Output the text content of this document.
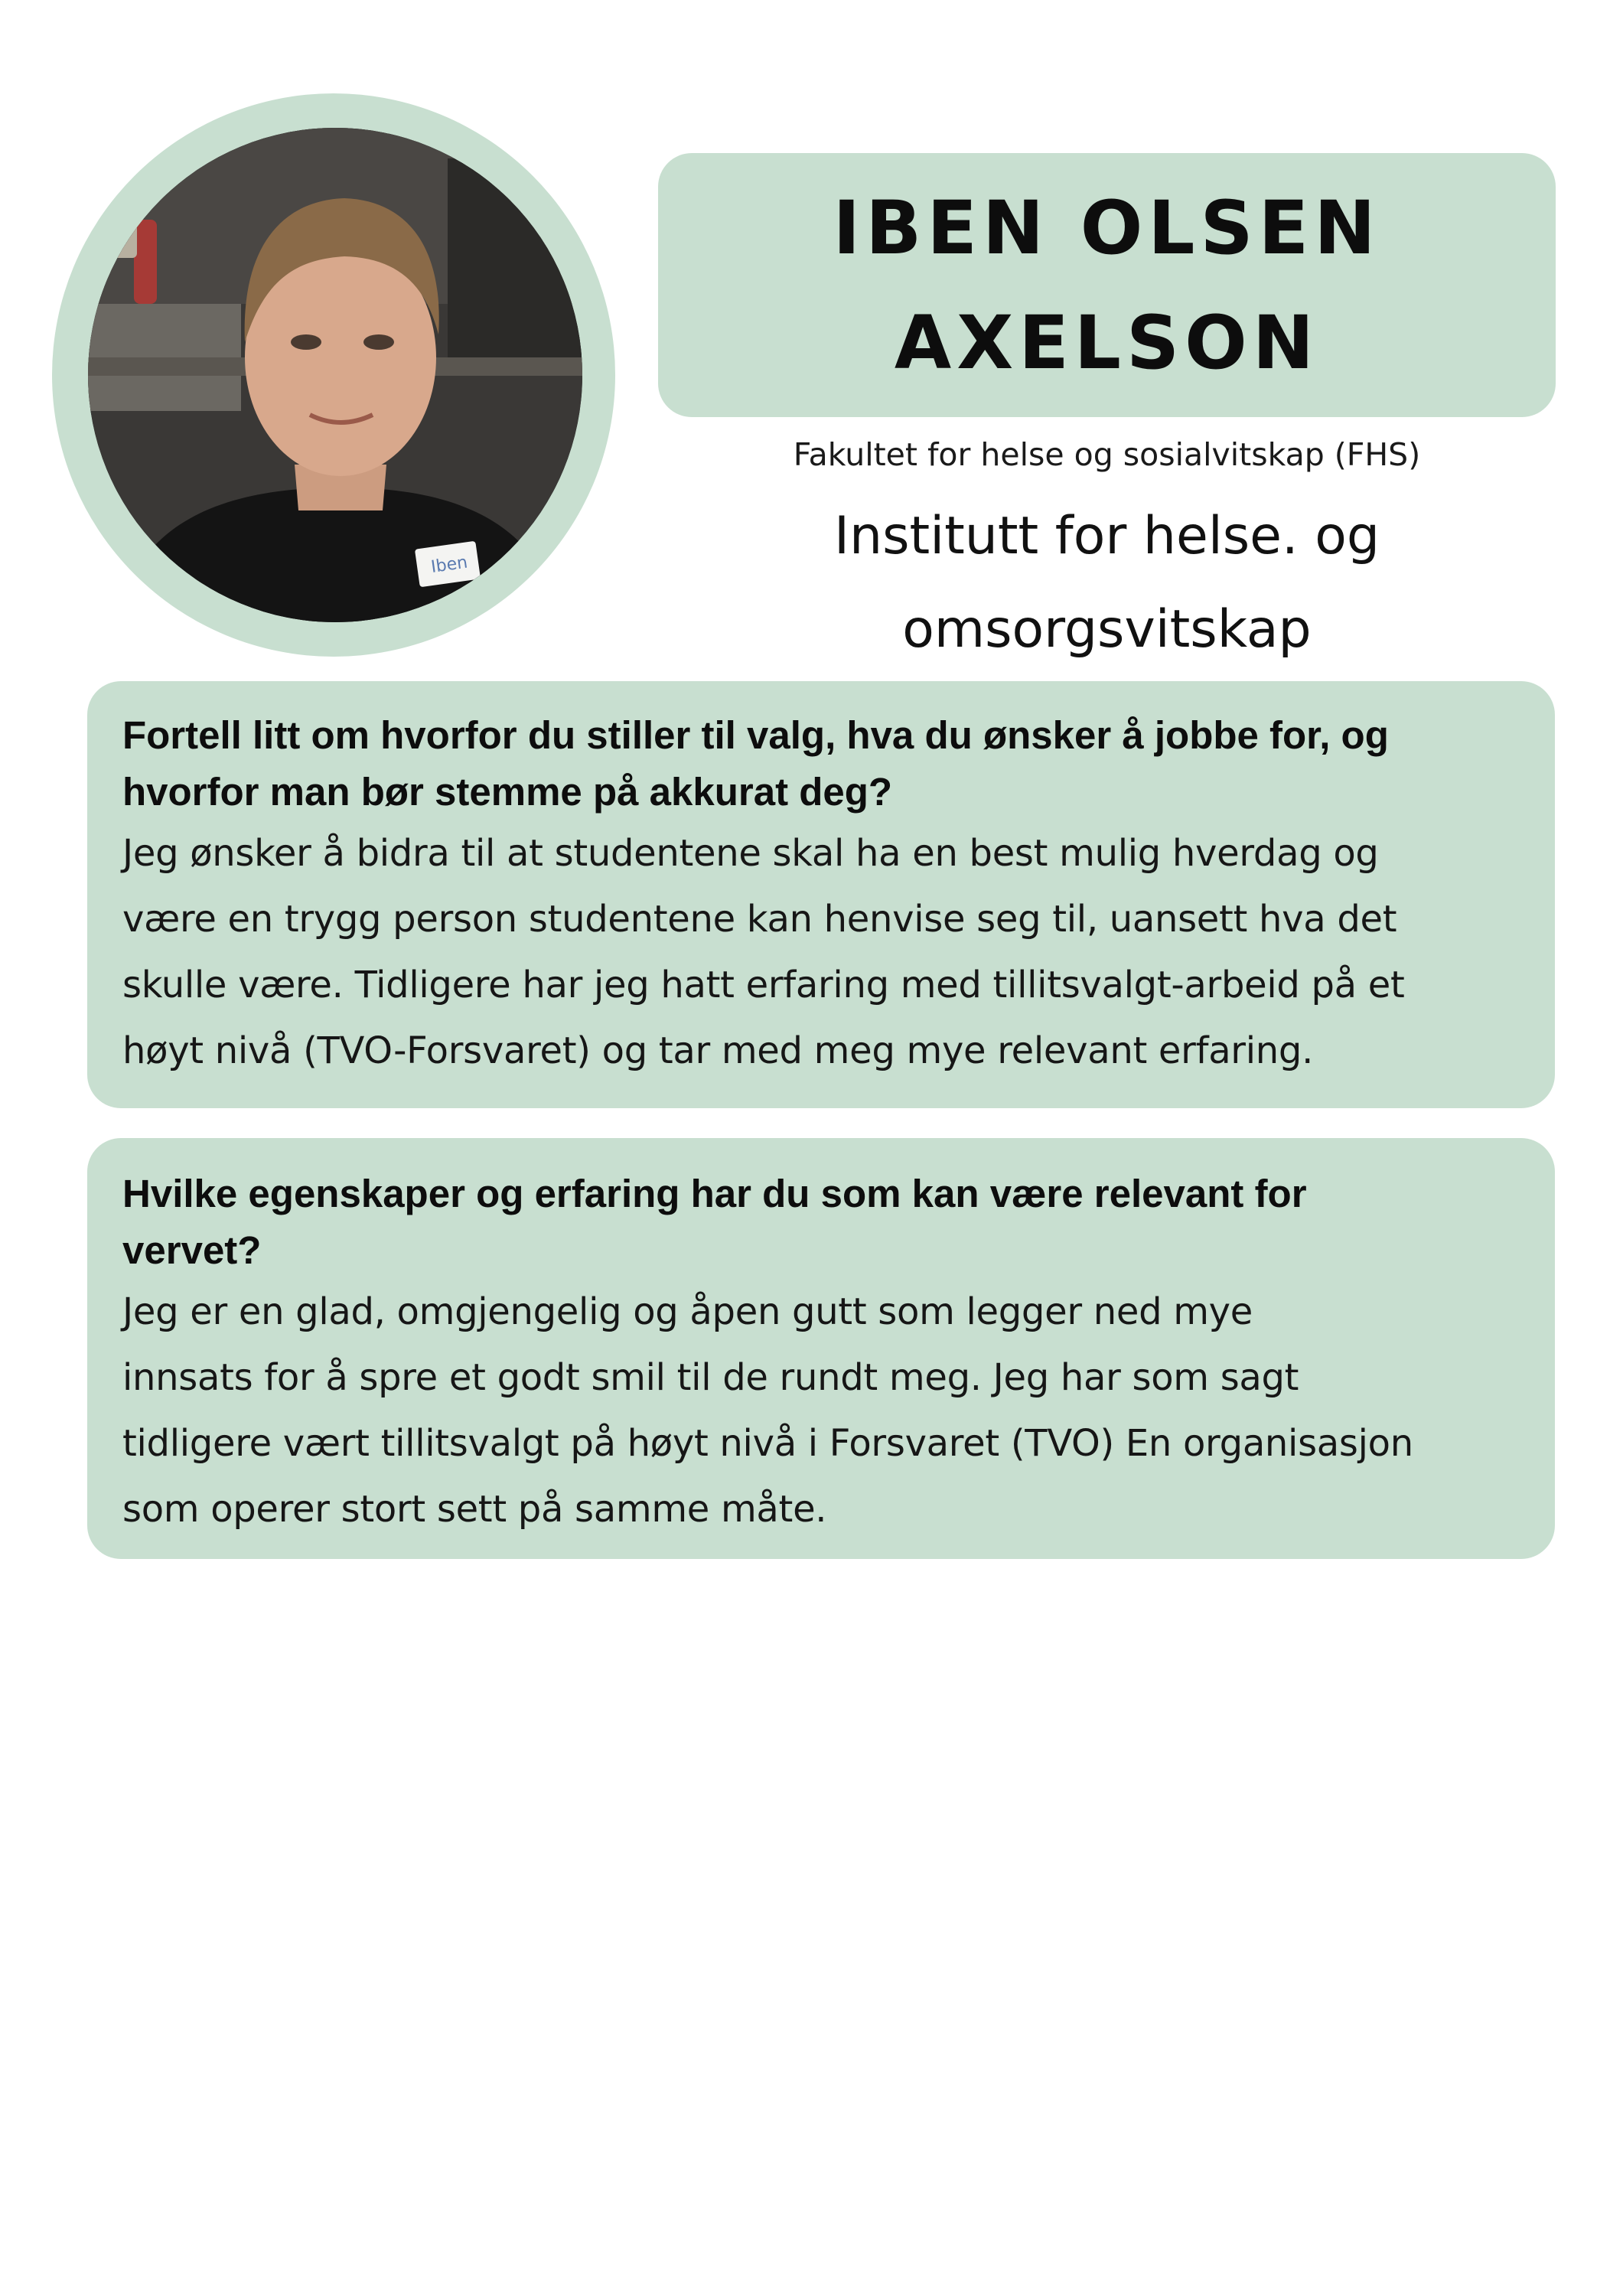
Iben
IBEN OLSEN
AXELSON
Fakultet for helse og sosialvitskap (FHS)
Institutt for helse. og
omsorgsvitskap

Fortell litt om hvorfor du stiller til valg, hva du ønsker å jobbe for, og
hvorfor man bør stemme på akkurat deg?

Jeg ønsker å bidra til at studentene skal ha en best mulig hverdag og
være en trygg person studentene kan henvise seg til, uansett hva det
skulle være. Tidligere har jeg hatt erfaring med tillitsvalgt-arbeid på et
høyt nivå (TVO-Forsvaret) og tar med meg mye relevant erfaring.

Hvilke egenskaper og erfaring har du som kan være relevant for
vervet?

Jeg er en glad, omgjengelig og åpen gutt som legger ned mye
innsats for å spre et godt smil til de rundt meg. Jeg har som sagt
tidligere vært tillitsvalgt på høyt nivå i Forsvaret (TVO) En organisasjon
som operer stort sett på samme måte.
